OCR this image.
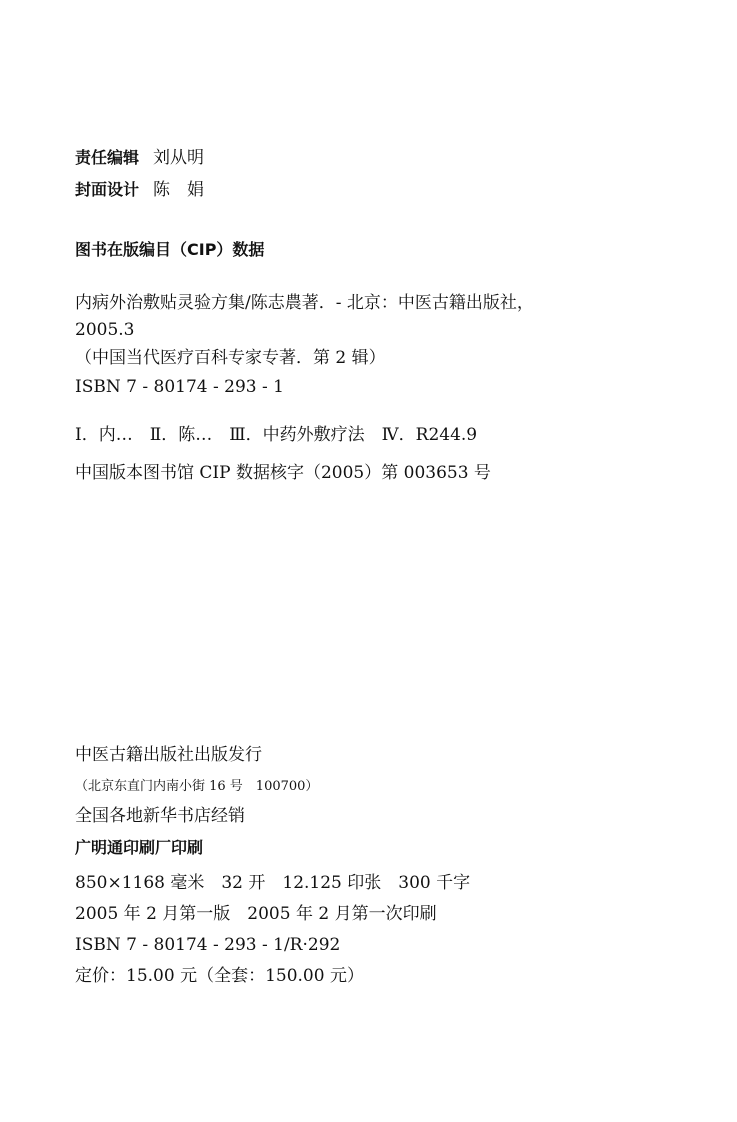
责任编辑 刘从明
封面设计 陈　娟
图书在版编目（CIP）数据
内病外治敷贴灵验方集/陈志農著．- 北京：中医古籍出版社，
2005.3
（中国当代医疗百科专家专著．第 2 辑）
ISBN 7 - 80174 - 293 - 1
Ⅰ．内…　Ⅱ．陈…　Ⅲ．中药外敷疗法　Ⅳ．R244.9
中国版本图书馆 CIP 数据核字（2005）第 003653 号
中医古籍出版社出版发行
（北京东直门内南小街 16 号　100700）
全国各地新华书店经销
广明通印刷厂印刷
850×1168 毫米　32 开　12.125 印张　300 千字
2005 年 2 月第一版　2005 年 2 月第一次印刷
ISBN 7 - 80174 - 293 - 1/R·292
定价：15.00 元（全套：150.00 元）
